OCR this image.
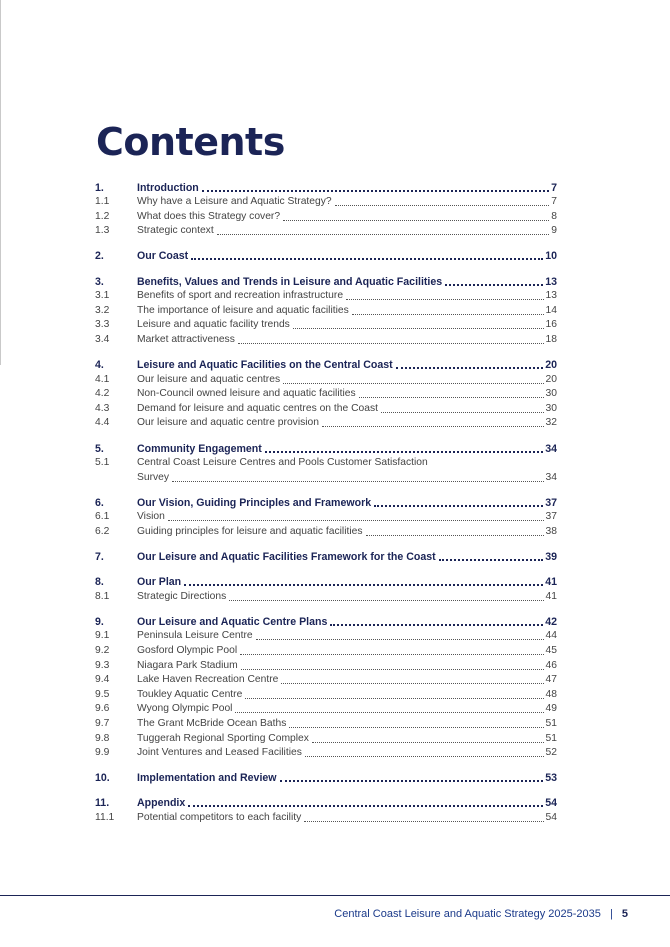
Contents
1.	Introduction	7
1.1	Why have a Leisure and Aquatic Strategy?	7
1.2	What does this Strategy cover?	8
1.3	Strategic context	9
2.	Our Coast	10
3.	Benefits, Values and Trends in Leisure and Aquatic Facilities	13
3.1	Benefits of sport and recreation infrastructure	13
3.2	The importance of leisure and aquatic facilities	14
3.3	Leisure and aquatic facility trends	16
3.4	Market attractiveness	18
4.	Leisure and Aquatic Facilities on the Central Coast	20
4.1	Our leisure and aquatic centres	20
4.2	Non-Council owned leisure and aquatic facilities	30
4.3	Demand for leisure and aquatic centres on the Coast	30
4.4	Our leisure and aquatic centre provision	32
5.	Community Engagement	34
5.1	Central Coast Leisure Centres and Pools Customer Satisfaction
Survey	34
6.	Our Vision, Guiding Principles and Framework	37
6.1	Vision	37
6.2	Guiding principles for leisure and aquatic facilities	38
7.	Our Leisure and Aquatic Facilities Framework for the Coast	39
8.	Our Plan	41
8.1	Strategic Directions	41
9.	Our Leisure and Aquatic Centre Plans	42
9.1	Peninsula Leisure Centre	44
9.2	Gosford Olympic Pool	45
9.3	Niagara Park Stadium	46
9.4	Lake Haven Recreation Centre	47
9.5	Toukley Aquatic Centre	48
9.6	Wyong Olympic Pool	49
9.7	The Grant McBride Ocean Baths	51
9.8	Tuggerah Regional Sporting Complex	51
9.9	Joint Ventures and Leased Facilities	52
10.	Implementation and Review	53
11.	Appendix	54
11.1	Potential competitors to each facility	54
Central Coast Leisure and Aquatic Strategy 2025-2035 | 5
